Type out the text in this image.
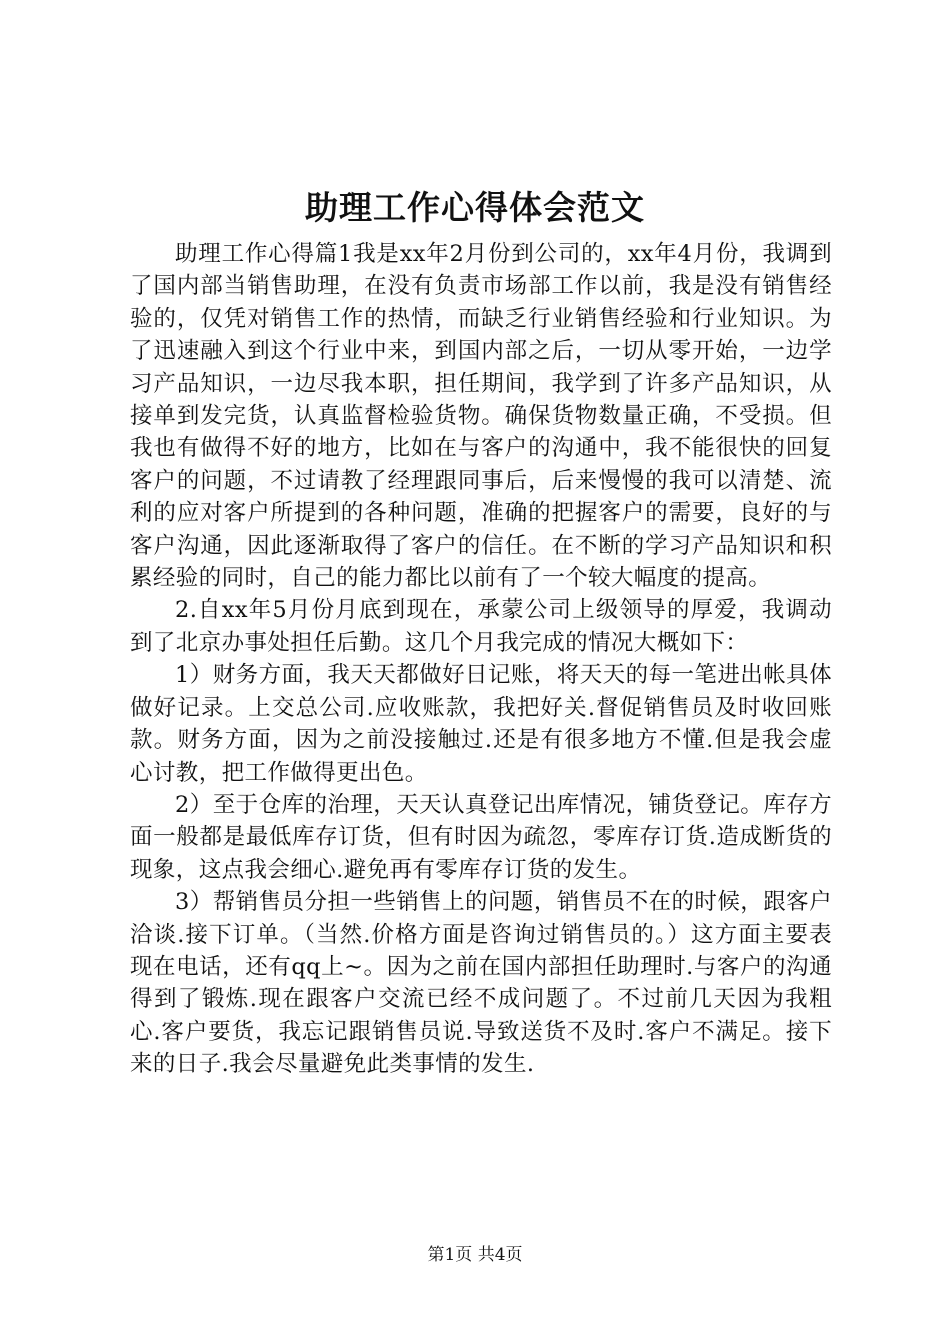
助理工作心得体会范文

助理工作心得篇1我是xx年2月份到公司的，xx年4月份，我调到了国内部当销售助理，在没有负责市场部工作以前，我是没有销售经验的，仅凭对销售工作的热情，而缺乏行业销售经验和行业知识。为了迅速融入到这个行业中来，到国内部之后，一切从零开始，一边学习产品知识，一边尽我本职，担任期间，我学到了许多产品知识，从接单到发完货，认真监督检验货物。确保货物数量正确，不受损。但我也有做得不好的地方，比如在与客户的沟通中，我不能很快的回复客户的问题，不过请教了经理跟同事后，后来慢慢的我可以清楚、流利的应对客户所提到的各种问题，准确的把握客户的需要，良好的与客户沟通，因此逐渐取得了客户的信任。在不断的学习产品知识和积累经验的同时，自己的能力都比以前有了一个较大幅度的提高。

2.自xx年5月份月底到现在，承蒙公司上级领导的厚爱，我调动到了北京办事处担任后勤。这几个月我完成的情况大概如下：

1）财务方面，我天天都做好日记账，将天天的每一笔进出帐具体做好记录。上交总公司.应收账款，我把好关.督促销售员及时收回账款。财务方面，因为之前没接触过.还是有很多地方不懂.但是我会虚心讨教，把工作做得更出色。

2）至于仓库的治理，天天认真登记出库情况，铺货登记。库存方面一般都是最低库存订货，但有时因为疏忽，零库存订货.造成断货的现象，这点我会细心.避免再有零库存订货的发生。

3）帮销售员分担一些销售上的问题，销售员不在的时候，跟客户洽谈.接下订单。（当然.价格方面是咨询过销售员的。）这方面主要表现在电话，还有qq上~。因为之前在国内部担任助理时.与客户的沟通得到了锻炼.现在跟客户交流已经不成问题了。不过前几天因为我粗心.客户要货，我忘记跟销售员说.导致送货不及时.客户不满足。接下来的日子.我会尽量避免此类事情的发生.

第1页 共4页
